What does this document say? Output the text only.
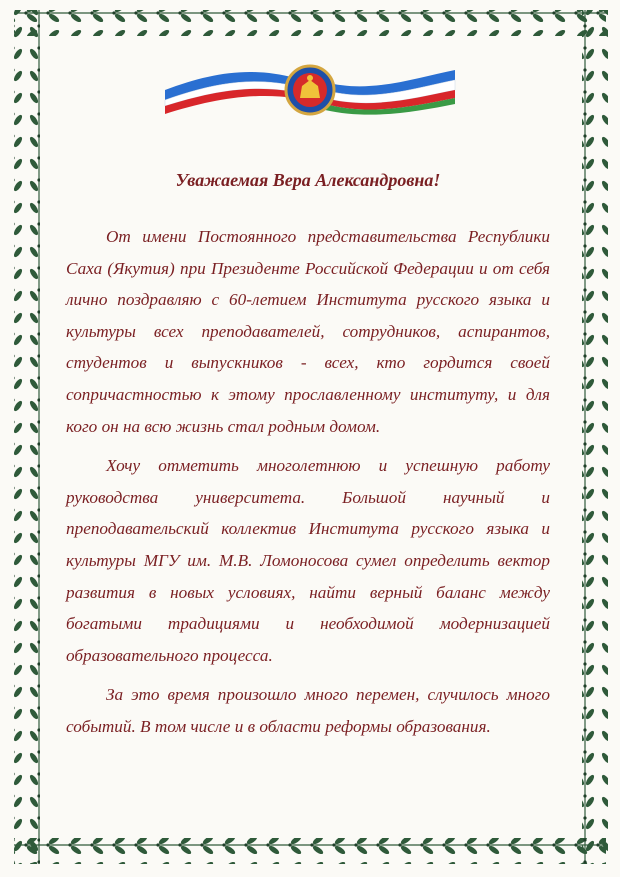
Уважаемая Вера Александровна!

От имени Постоянного представительства Республики Саха (Якутия) при Президенте Российской Федерации и от себя лично поздравляю с 60-летием Института русского языка и культуры всех преподавателей, сотрудников, аспирантов, студентов и выпускников - всех, кто гордится своей сопричастностью к этому прославленному институту, и для кого он на всю жизнь стал родным домом.

Хочу отметить многолетнюю и успешную работу руководства университета. Большой научный и преподавательский коллектив Института русского языка и культуры МГУ им. М.В. Ломоносова сумел определить вектор развития в новых условиях, найти верный баланс между богатыми традициями и необходимой модернизацией образовательного процесса.

За это время произошло много перемен, случилось много событий. В том числе и в области реформы образования.
